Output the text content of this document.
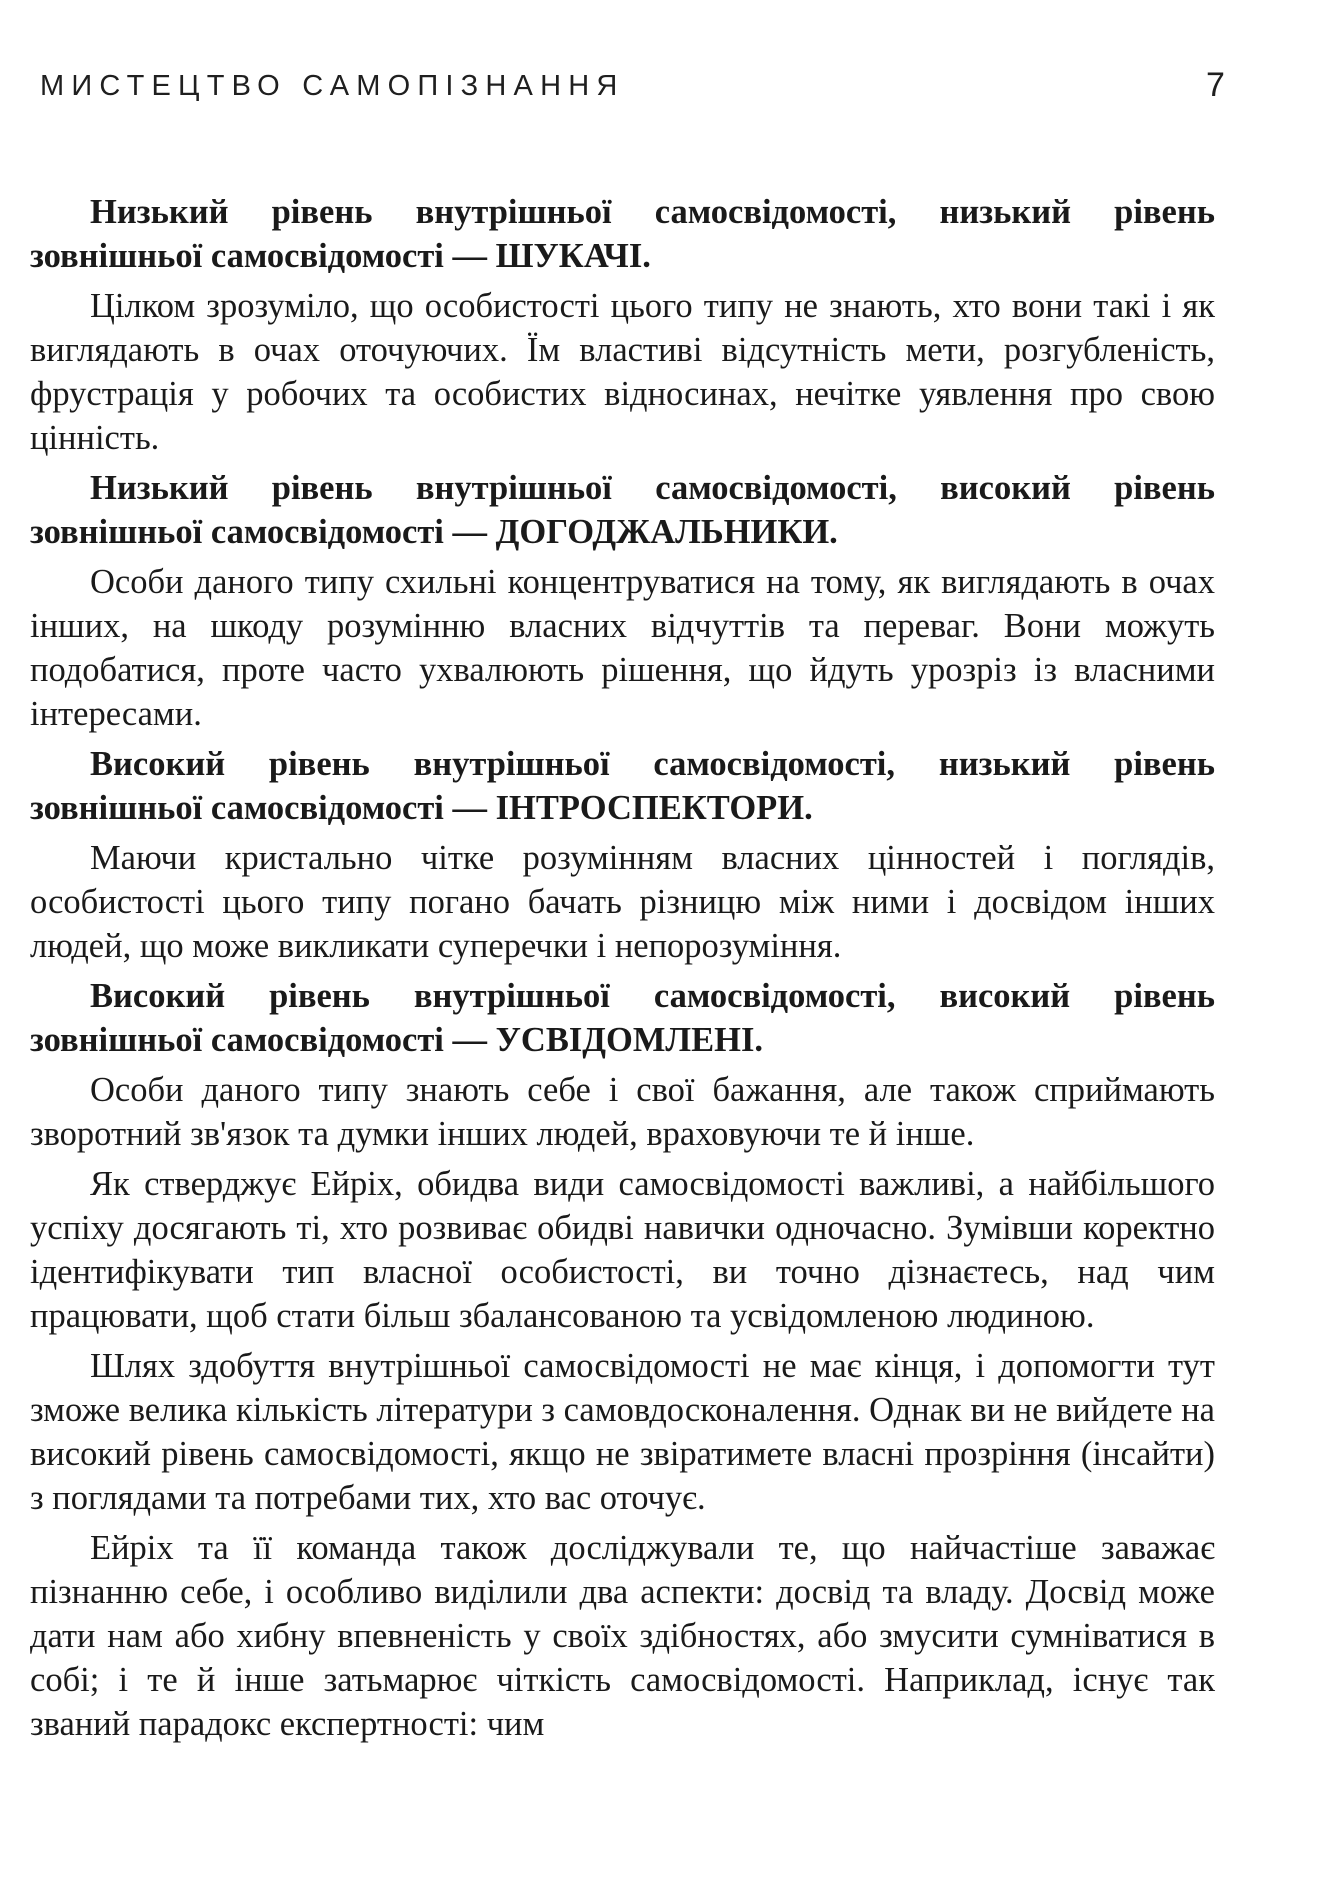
МИСТЕЦТВО САМОПІЗНАННЯ	7

Низький рівень внутрішньої самосвідомості, низький рівень зовнішньої самосвідомості — ШУКАЧІ.

Цілком зрозуміло, що особистості цього типу не знають, хто вони такі і як виглядають в очах оточуючих. Їм властиві відсутність мети, розгубленість, фрустрація у робочих та особистих відносинах, нечітке уявлення про свою цінність.

Низький рівень внутрішньої самосвідомості, високий рівень зовнішньої самосвідомості — ДОГОДЖАЛЬНИКИ.

Особи даного типу схильні концентруватися на тому, як виглядають в очах інших, на шкоду розумінню власних відчуттів та переваг. Вони можуть подобатися, проте часто ухвалюють рішення, що йдуть урозріз із власними інтересами.

Високий рівень внутрішньої самосвідомості, низький рівень зовнішньої самосвідомості — ІНТРОСПЕКТОРИ.

Маючи кристально чітке розумінням власних цінностей і поглядів, особистості цього типу погано бачать різницю між ними і досвідом інших людей, що може викликати суперечки і непорозуміння.

Високий рівень внутрішньої самосвідомості, високий рівень зовнішньої самосвідомості — УСВІДОМЛЕНІ.

Особи даного типу знають себе і свої бажання, але також сприймають зворотний зв'язок та думки інших людей, враховуючи те й інше.

Як стверджує Ейріх, обидва види самосвідомості важливі, а найбільшого успіху досягають ті, хто розвиває обидві навички одночасно. Зумівши коректно ідентифікувати тип власної особистості, ви точно дізнаєтесь, над чим працювати, щоб стати більш збалансованою та усвідомленою людиною.

Шлях здобуття внутрішньої самосвідомості не має кінця, і допомогти тут зможе велика кількість літератури з самовдосконалення. Однак ви не вийдете на високий рівень самосвідомості, якщо не звіратимете власні прозріння (інсайти) з поглядами та потребами тих, хто вас оточує.

Ейріх та її команда також досліджували те, що найчастіше заважає пізнанню себе, і особливо виділили два аспекти: досвід та владу. Досвід може дати нам або хибну впевненість у своїх здібностях, або змусити сумніватися в собі; і те й інше затьмарює чіткість самосвідомості. Наприклад, існує так званий парадокс експертності: чим
